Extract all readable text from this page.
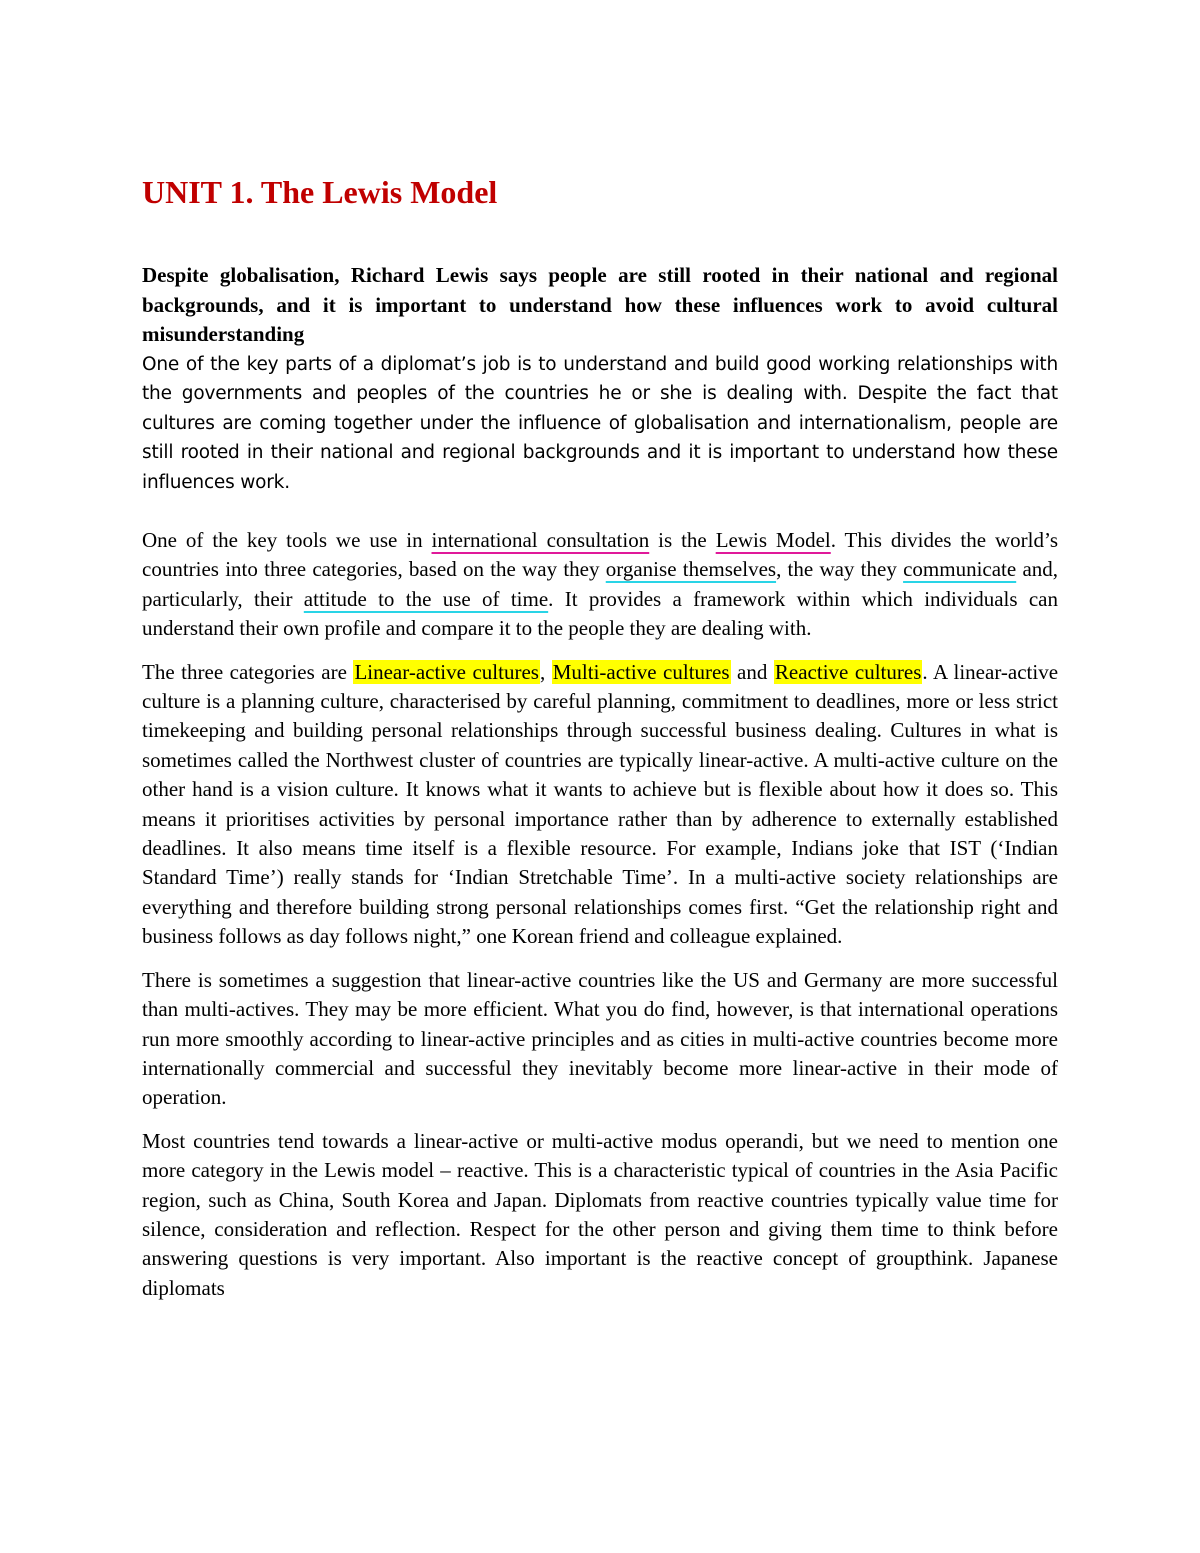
UNIT 1. The Lewis Model

Despite globalisation, Richard Lewis says people are still rooted in their national and regional backgrounds, and it is important to understand how these influences work to avoid cultural misunderstanding

One of the key parts of a diplomat’s job is to understand and build good working relationships with the governments and peoples of the countries he or she is dealing with. Despite the fact that cultures are coming together under the influence of globalisation and internationalism, people are still rooted in their national and regional backgrounds and it is important to understand how these influences work.

One of the key tools we use in international consultation is the Lewis Model. This divides the world’s countries into three categories, based on the way they organise themselves, the way they communicate and, particularly, their attitude to the use of time. It provides a framework within which individuals can understand their own profile and compare it to the people they are dealing with.

The three categories are Linear-active cultures, Multi-active cultures and Reactive cultures. A linear-active culture is a planning culture, characterised by careful planning, commitment to deadlines, more or less strict timekeeping and building personal relationships through successful business dealing. Cultures in what is sometimes called the Northwest cluster of countries are typically linear-active. A multi-active culture on the other hand is a vision culture. It knows what it wants to achieve but is flexible about how it does so. This means it prioritises activities by personal importance rather than by adherence to externally established deadlines. It also means time itself is a flexible resource. For example, Indians joke that IST (‘Indian Standard Time’) really stands for ‘Indian Stretchable Time’. In a multi-active society relationships are everything and therefore building strong personal relationships comes first. “Get the relationship right and business follows as day follows night,” one Korean friend and colleague explained.

There is sometimes a suggestion that linear-active countries like the US and Germany are more successful than multi-actives. They may be more efficient. What you do find, however, is that international operations run more smoothly according to linear-active principles and as cities in multi-active countries become more internationally commercial and successful they inevitably become more linear-active in their mode of operation.

Most countries tend towards a linear-active or multi-active modus operandi, but we need to mention one more category in the Lewis model – reactive. This is a characteristic typical of countries in the Asia Pacific region, such as China, South Korea and Japan. Diplomats from reactive countries typically value time for silence, consideration and reflection. Respect for the other person and giving them time to think before answering questions is very important. Also important is the reactive concept of groupthink. Japanese diplomats
